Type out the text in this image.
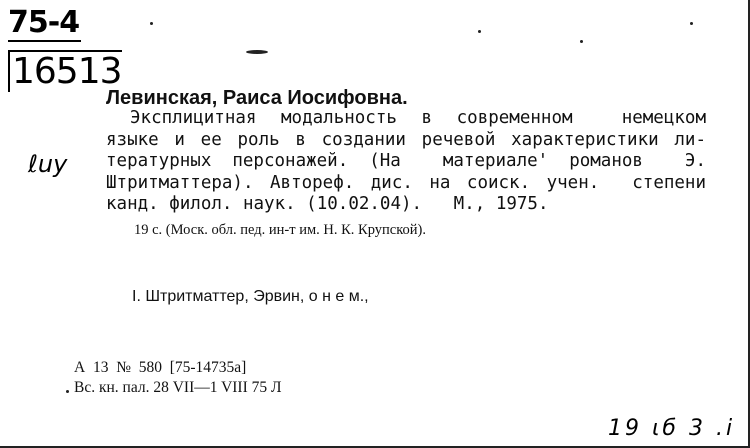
75-4
16513
ℓuy
Левинская, Раиса Иосифовна.
Эксплицитная модальность в современном  немецком
языке и ее роль в создании речевой характеристики ли-
тературных персонажей. (На  материале' романов  Э.
Штритматтера). Автореф. дис. на соиск. учен.  степени
канд. филол. наук. (10.02.04).   М., 1975.
19 с. (Моск. обл. пед. ин-т им. Н. К. Крупской).
I. Штритматтер, Эрвин, о н е м.,
А  13  №  580  [75-14735а]
Вс. кн. пал. 28 VII—1 VIII 75 Л
19 ιб 3 .і
